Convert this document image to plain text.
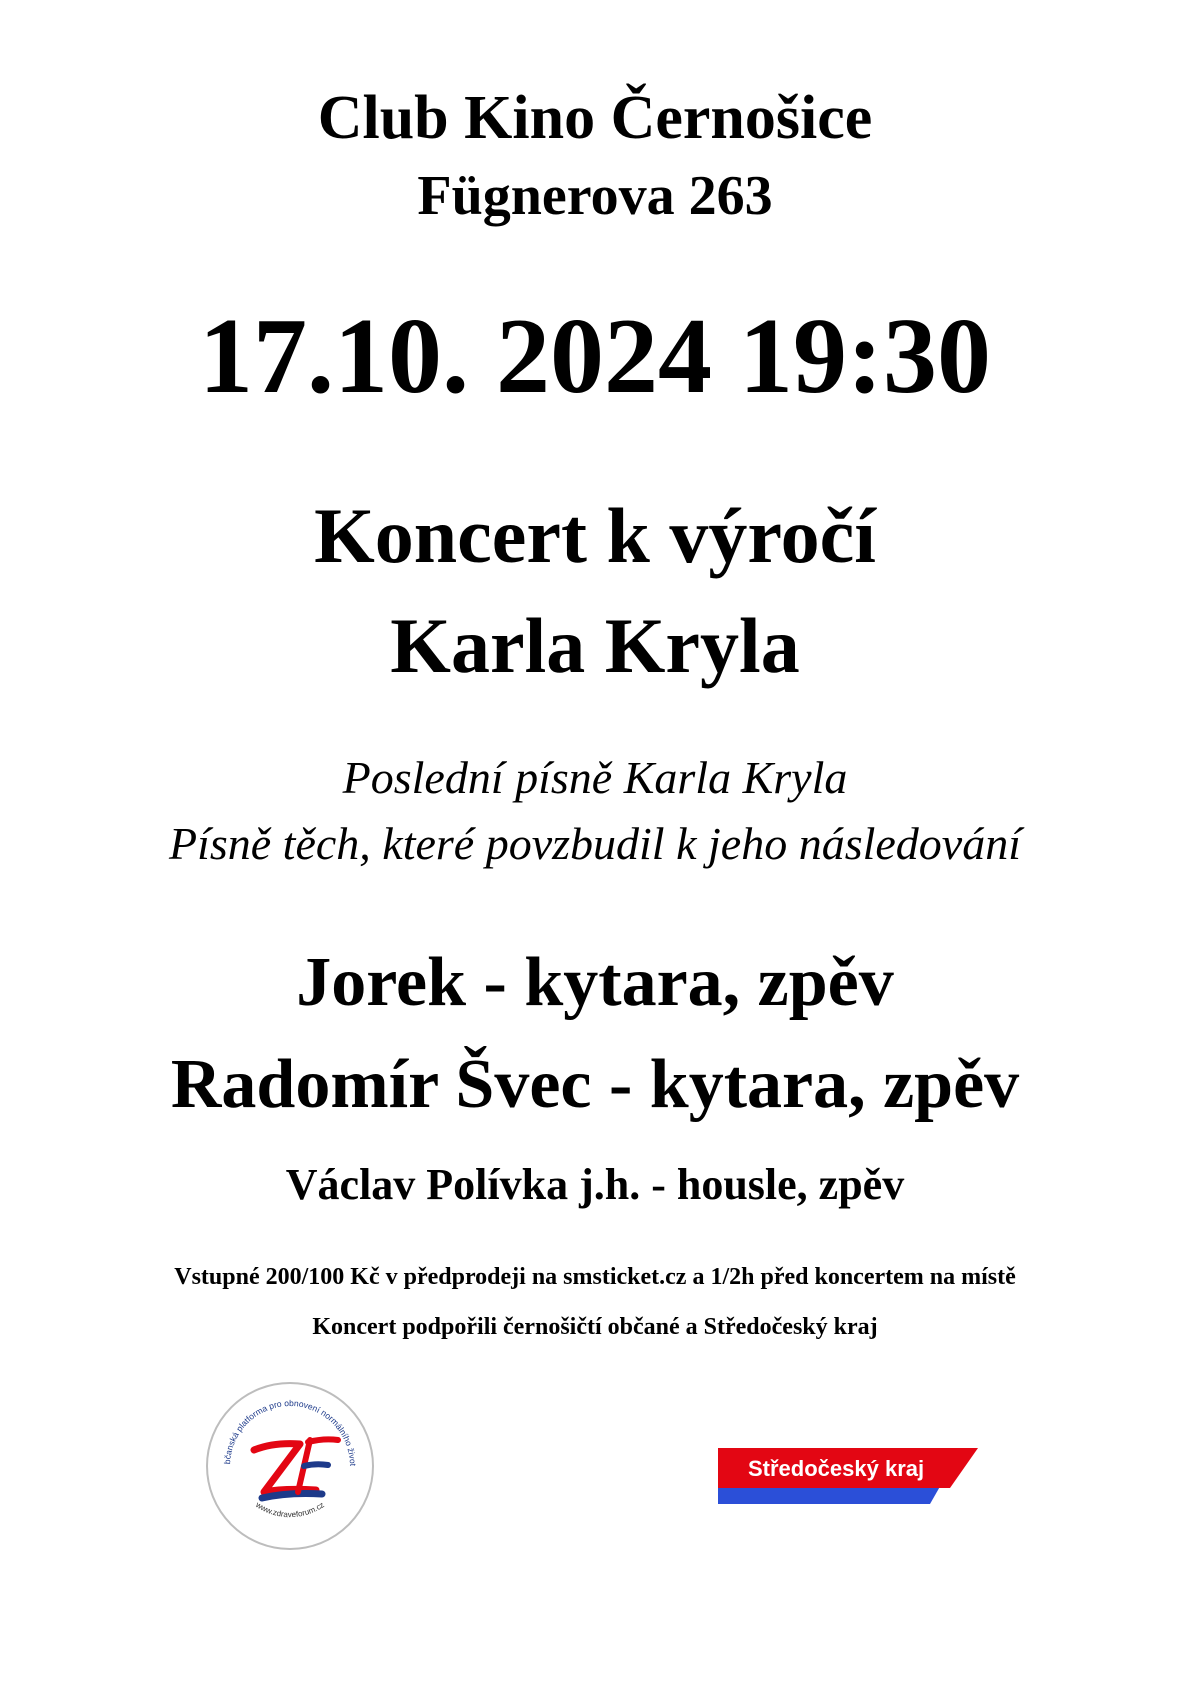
Club Kino Černošice
Fügnerova 263
17.10. 2024 19:30
Koncert k výročí
Karla Kryla
Poslední písně Karla Kryla
Písně těch, které povzbudil k jeho následování
Jorek - kytara, zpěv
Radomír Švec - kytara, zpěv
Václav Polívka j.h. - housle, zpěv
Vstupné 200/100 Kč v předprodeji na smsticket.cz a 1/2h před koncertem na místě
Koncert podpořili černošičtí občané a Středočeský kraj
bčanská platforma pro obnovení normálního život
www.zdraveforum.cz
Středočeský kraj
